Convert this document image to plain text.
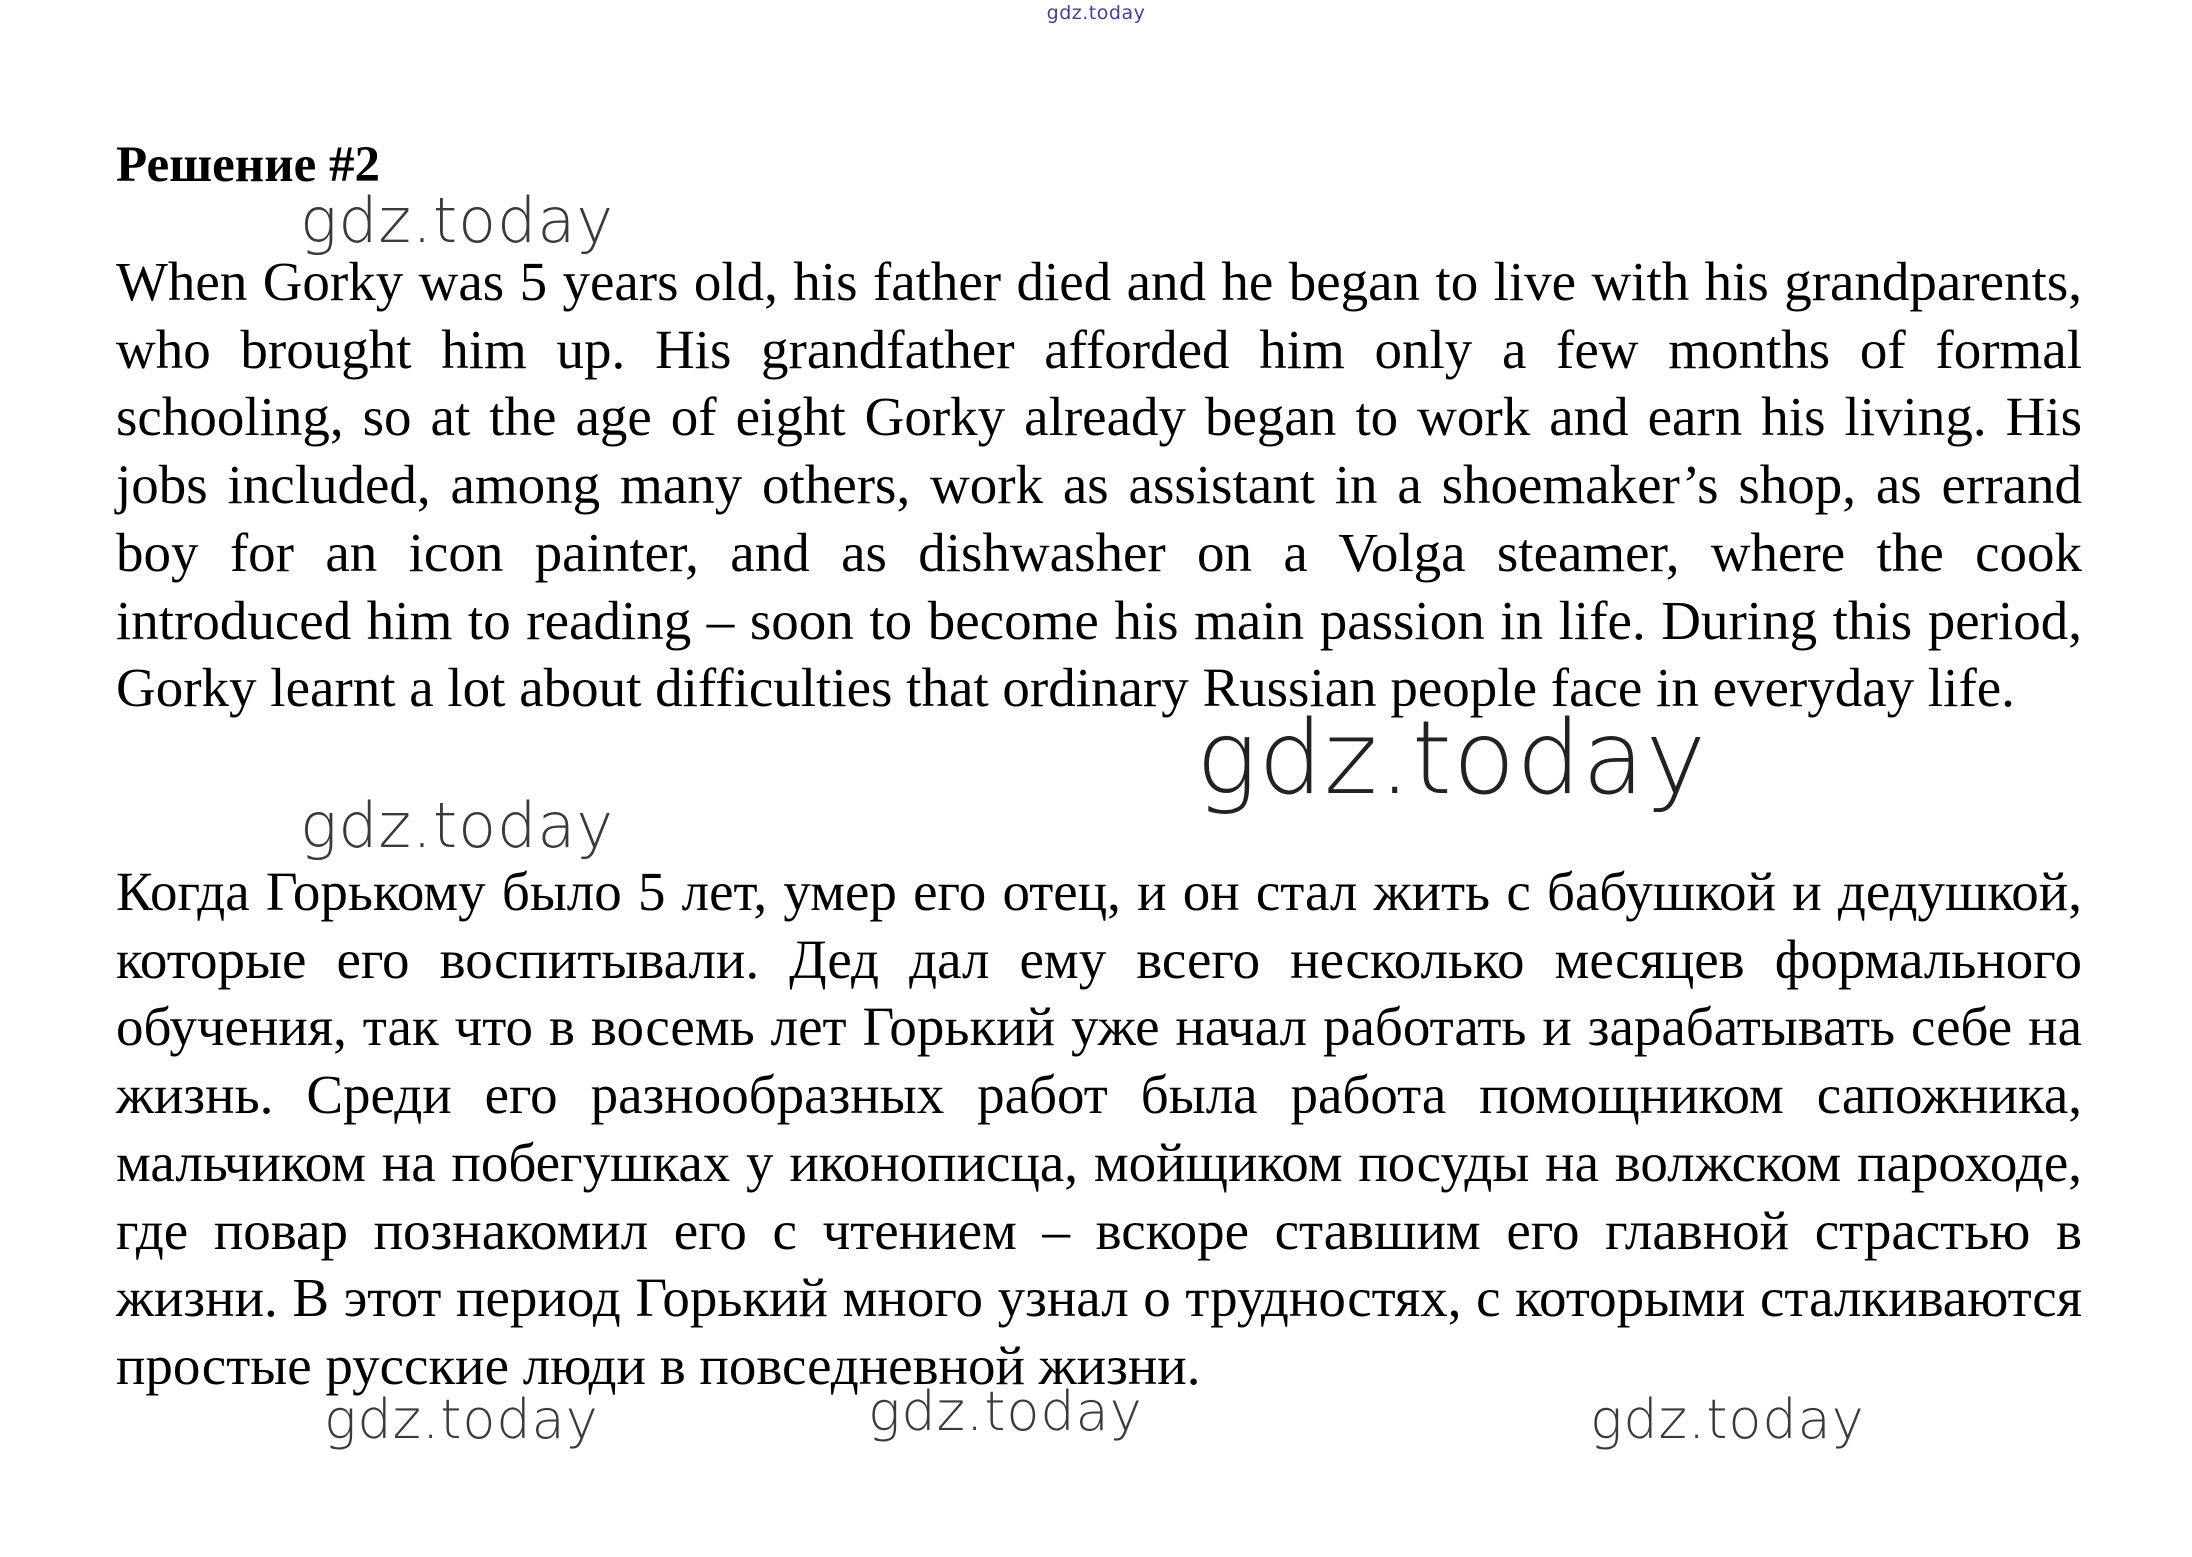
gdz.today
Решение #2

When Gorky was 5 years old, his father died and he began to live with his grandparents, who brought him up. His grandfather afforded him only a few months of formal schooling, so at the age of eight Gorky already began to work and earn his living. His jobs included, among many others, work as assistant in a shoemaker’s shop, as errand boy for an icon painter, and as dishwasher on a Volga steamer, where the cook introduced him to reading – soon to become his main passion in life. During this period, Gorky learnt a lot about difficulties that ordinary Russian people face in everyday life.

Когда Горькому было 5 лет, умер его отец, и он стал жить с бабушкой и дедушкой, которые его воспитывали. Дед дал ему всего несколько месяцев формального обучения, так что в восемь лет Горький уже начал работать и зарабатывать себе на жизнь. Среди его разнообразных работ была работа помощником сапожника, мальчиком на побегушках у иконописца, мойщиком посуды на волжском пароходе, где повар познакомил его с чтением – вскоре ставшим его главной страстью в жизни. В этот период Горький много узнал о трудностях, с которыми сталкиваются простые русские люди в повседневной жизни.

gdz.today
gdz.today
gdz.today
gdz.today	gdz.today	gdz.today
